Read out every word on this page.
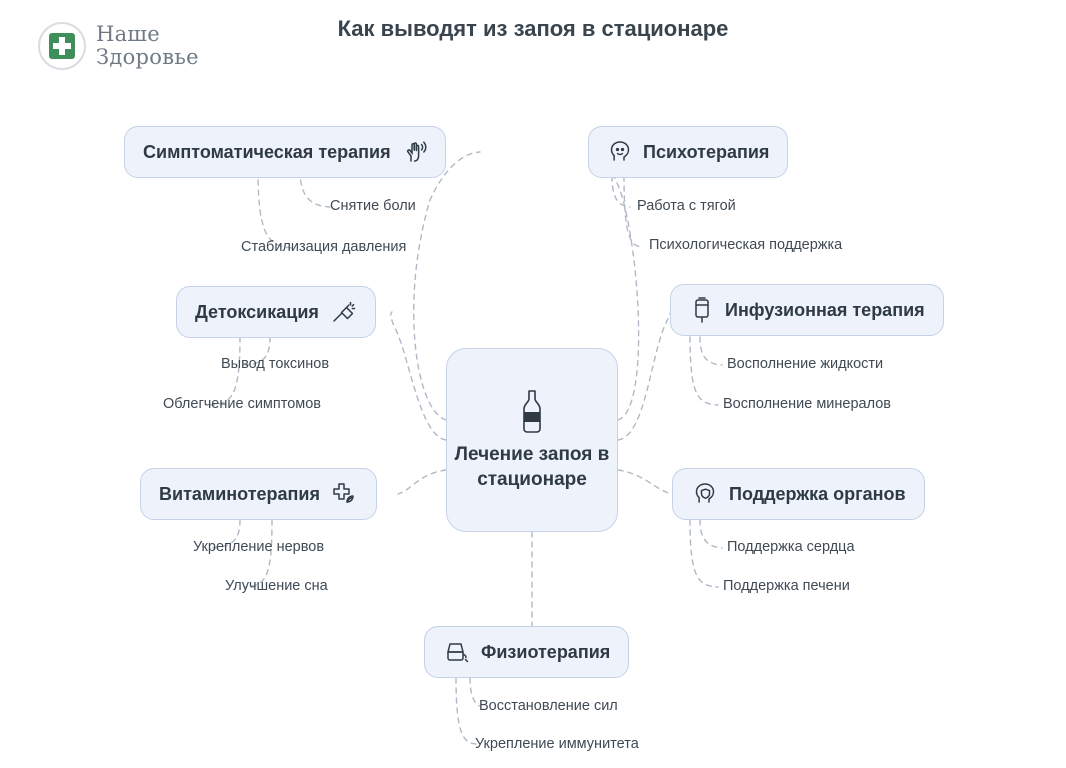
Наше
Здоровье
Как выводят из запоя в стационаре
Лечение запоя в стационаре
Симптоматическая терапия
Снятие боли
Стабилизация давления
Психотерапия
Работа с тягой
Психологическая поддержка
Детоксикация
Вывод токсинов
Облегчение симптомов
Инфузионная терапия
Восполнение жидкости
Восполнение минералов
Витаминотерапия
Укрепление нервов
Улучшение сна
Поддержка органов
Поддержка сердца
Поддержка печени
Физиотерапия
Восстановление сил
Укрепление иммунитета
